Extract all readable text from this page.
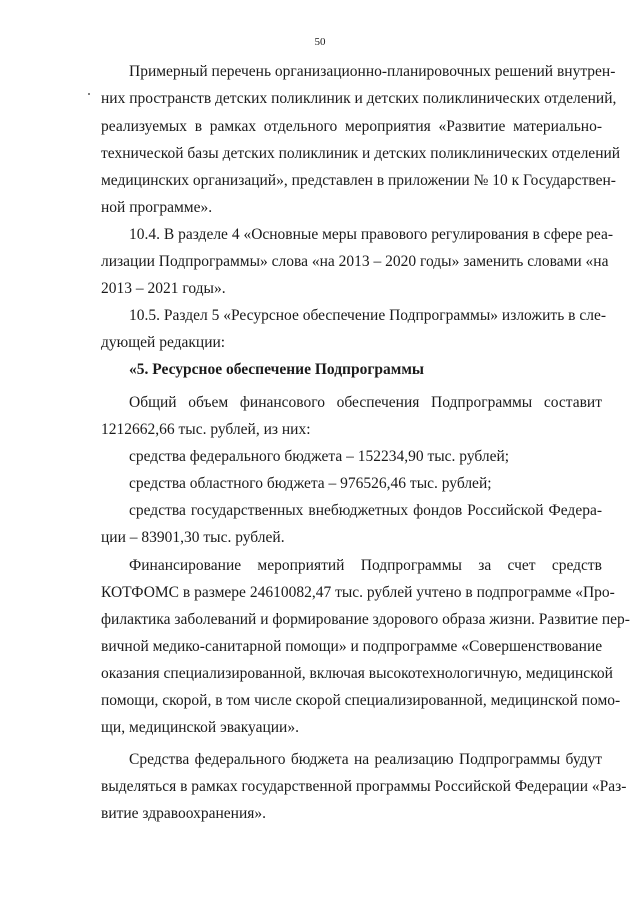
50
Примерный перечень организационно-планировочных решений внутрен-
них пространств детских поликлиник и детских поликлинических отделений,
реализуемых в рамках отдельного мероприятия «Развитие материально-
технической базы детских поликлиник и детских поликлинических отделений
медицинских организаций», представлен в приложении № 10 к Государствен-
ной программе».
10.4. В разделе 4 «Основные меры правового регулирования в сфере реа-
лизации Подпрограммы» слова «на 2013 – 2020 годы» заменить словами «на
2013 – 2021 годы».
10.5. Раздел 5 «Ресурсное обеспечение Подпрограммы» изложить в сле-
дующей редакции:
«5. Ресурсное обеспечение Подпрограммы
Общий объем финансового обеспечения Подпрограммы составит
1212662,66 тыс. рублей, из них:
средства федерального бюджета – 152234,90 тыс. рублей;
средства областного бюджета – 976526,46 тыс. рублей;
средства государственных внебюджетных фондов Российской Федера-
ции – 83901,30 тыс. рублей.
Финансирование мероприятий Подпрограммы за счет средств
КОТФОМС в размере 24610082,47 тыс. рублей учтено в подпрограмме «Про-
филактика заболеваний и формирование здорового образа жизни. Развитие пер-
вичной медико-санитарной помощи» и подпрограмме «Совершенствование
оказания специализированной, включая высокотехнологичную, медицинской
помощи, скорой, в том числе скорой специализированной, медицинской помо-
щи, медицинской эвакуации».
Средства федерального бюджета на реализацию Подпрограммы будут
выделяться в рамках государственной программы Российской Федерации «Раз-
витие здравоохранения».
